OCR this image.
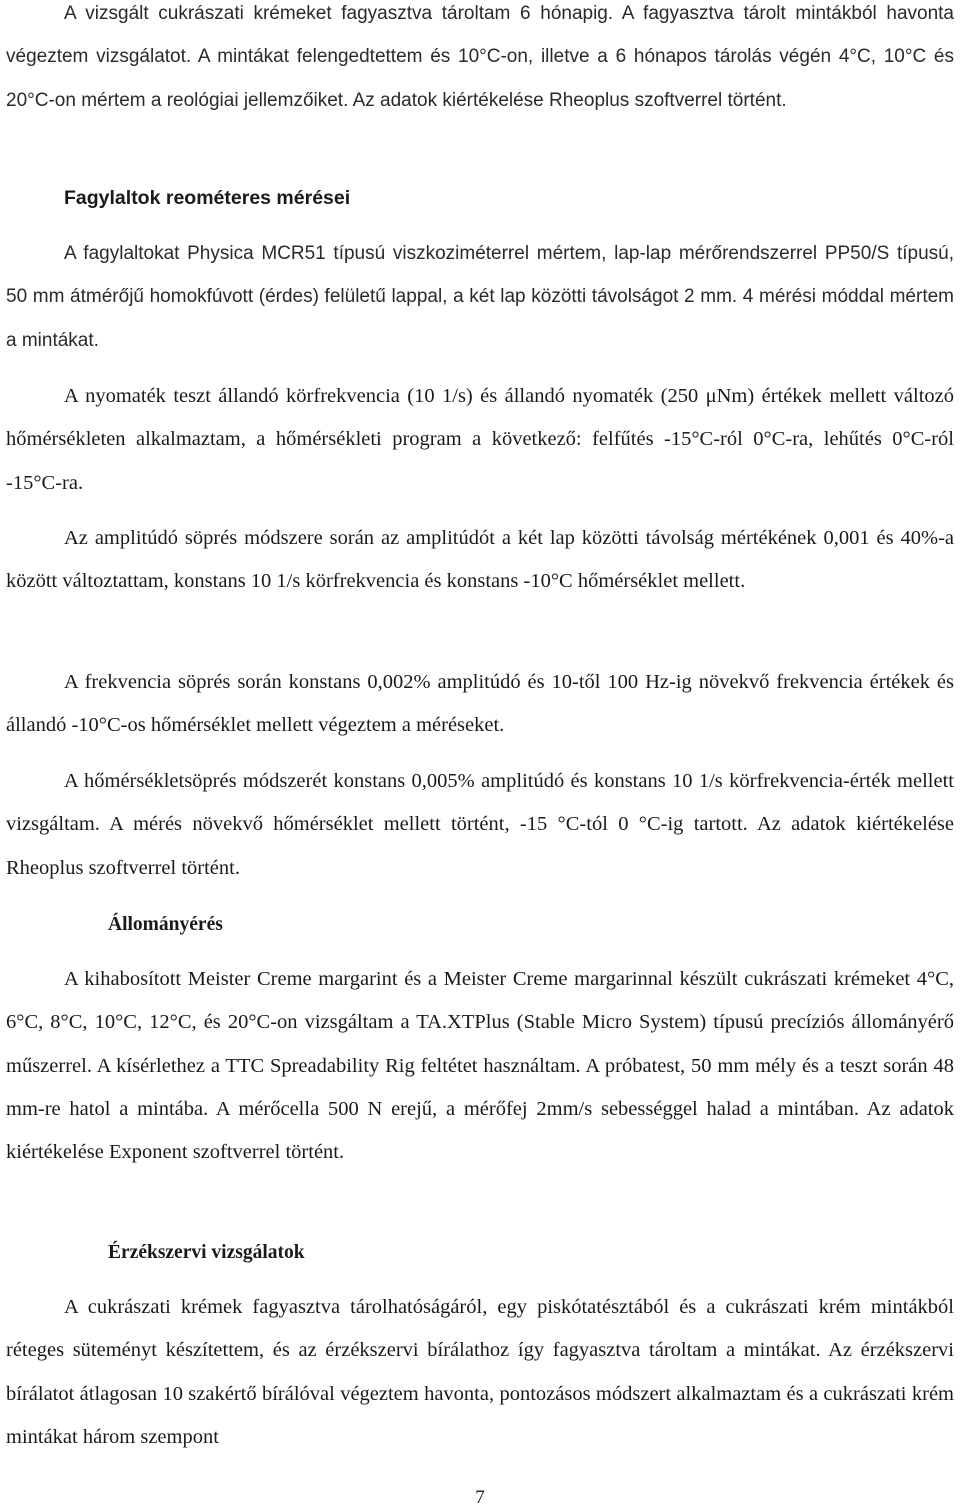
A vizsgált cukrászati krémeket fagyasztva tároltam 6 hónapig. A fagyasztva tárolt mintákból havonta végeztem vizsgálatot. A mintákat felengedtettem és 10°C-on, illetve a 6 hónapos tárolás végén 4°C, 10°C és 20°C-on mértem a reológiai jellemzőiket. Az adatok kiértékelése Rheoplus szoftverrel történt.

Fagylaltok reométeres mérései

A fagylaltokat Physica MCR51 típusú viszkoziméterrel mértem, lap-lap mérőrendszerrel PP50/S típusú, 50 mm átmérőjű homokfúvott (érdes) felületű lappal, a két lap közötti távolságot 2 mm. 4 mérési móddal mértem a mintákat.

A nyomaték teszt állandó körfrekvencia (10 1/s) és állandó nyomaték (250 μNm) értékek mellett változó hőmérsékleten alkalmaztam, a hőmérsékleti program a következő: felfűtés -15°C-ról 0°C-ra, lehűtés 0°C-ról -15°C-ra.

Az amplitúdó söprés módszere során az amplitúdót a két lap közötti távolság mértékének 0,001 és 40%-a között változtattam, konstans 10 1/s körfrekvencia és konstans -10°C hőmérséklet mellett.

A frekvencia söprés során konstans 0,002% amplitúdó és 10-től 100 Hz-ig növekvő frekvencia értékek és állandó -10°C-os hőmérséklet mellett végeztem a méréseket.

A hőmérsékletsöprés módszerét konstans 0,005% amplitúdó és konstans 10 1/s körfrekvencia-érték mellett vizsgáltam. A mérés növekvő hőmérséklet mellett történt, -15 °C-tól 0 °C-ig tartott. Az adatok kiértékelése Rheoplus szoftverrel történt.

Állományérés

A kihabosított Meister Creme margarint és a Meister Creme margarinnal készült cukrászati krémeket 4°C, 6°C, 8°C, 10°C, 12°C, és 20°C-on vizsgáltam a TA.XTPlus (Stable Micro System) típusú precíziós állományérő műszerrel. A kísérlethez a TTC Spreadability Rig feltétet használtam. A próbatest, 50 mm mély és a teszt során 48 mm-re hatol a mintába. A mérőcella 500 N erejű, a mérőfej 2mm/s sebességgel halad a mintában. Az adatok kiértékelése Exponent szoftverrel történt.

Érzékszervi vizsgálatok

A cukrászati krémek fagyasztva tárolhatóságáról, egy piskótatésztából és a cukrászati krém mintákból réteges süteményt készítettem, és az érzékszervi bírálathoz így fagyasztva tároltam a mintákat. Az érzékszervi bírálatot átlagosan 10 szakértő bírálóval végeztem havonta, pontozásos módszert alkalmaztam és a cukrászati krém mintákat három szempont

7
